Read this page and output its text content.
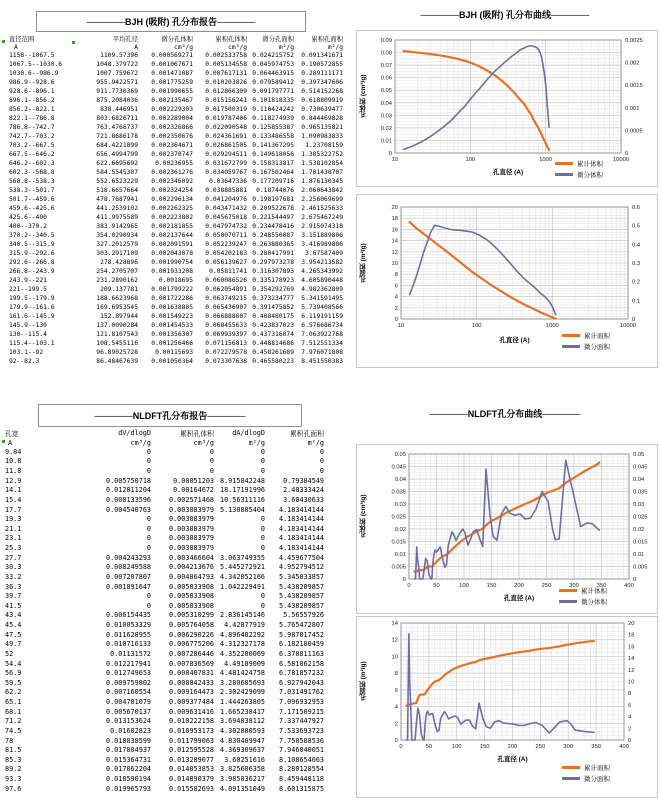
──────BJH (吸附) 孔分布报告──────
直径范围	平均孔径	微分孔体积	累积孔体积	微分孔面积	累积孔面积
A	A	cm³/g	cm³/g	m²/g	m²/g
1158--1067.5	1109.57396	0.000569271	0.002533758	0.024215752	0.091341671
1067.5--1030.6	1048.379722	0.001067671	0.005134558	0.045974753	0.190572855
1030.6--986.9	1007.759672	0.001471087	0.007617131	0.064463915	0.289111171
986.9--928.6	955.9422571	0.001775259	0.010203826	0.079589412	0.397347606
928.6--896.1	911.7730369	0.001990655	0.012866309	0.091797771	0.514152268
896.1--856.2	875.2084036	0.002135467	0.015156241	0.101818335	0.618809919
856.2--822.1	838.446951	0.002229303	0.017500319	0.110424242	0.730639477
822.1--786.8	803.6826711	0.002289004	0.019787406	0.118274939	0.844469828
786.8--742.7	763.4766737	0.002326866	0.022090548	0.125855387	0.965135821
742.7--703.2	721.8686178	0.002350676	0.024361691	0.133486558	1.090983833
703.2--667.5	684.4221099	0.002364671	0.026861505	0.141367295	1.23708159
667.5--646.2	656.4994799	0.002370747	0.029294511	0.149618056	1.385322752
646.2--602.3	622.6695692	0.00236955	0.031672799	0.158313817	1.538102854
602.3--568.8	584.5545307	0.002361276	0.034059767	0.167502464	1.701438707
568.8--538.3	552.6523229	0.002346092	0.03647336	0.177209716	1.876130345
538.3--501.7	518.6657664	0.002324254	0.038885881	0.18744076	2.060643842
501.7--459.6	478.7687941	0.002296134	0.041204976	0.198197681	2.256069699
459.6--425.6	441.2539102	0.002262325	0.043471432	0.209522678	2.461525633
425.6--400	411.9975589	0.002223802	0.045675018	0.221544497	2.675467249
400--370.2	383.9142965	0.002181855	0.047974732	0.234478416	2.915074318
370.2--340.5	354.0290934	0.002137644	0.050070711	0.248550087	3.151889806
340.5--315.9	327.2012579	0.002091591	0.052239247	0.263880365	3.416989806
315.9--292.6	303.2917109	0.002043078	0.054202183	0.280417991	3.67587409
292.6--266.8	278.428896	0.001990754	0.056139627	0.297973278	3.954213582
266.8--243.9	254.2705707	0.001933208	0.05811741	0.316307893	4.265343992
243.9--221	231.2890162	0.0018695	0.060086526	0.335178923	4.605890448
221--199.5	209.137781	0.001799222	0.062054891	0.354292769	4.982362809
199.5--179.9	188.6623968	0.001722286	0.063749215	0.373234777	5.341591495
179.9--161.6	169.6953545	0.001638805	0.065436907	0.391475852	5.739408566
161.6--145.9	152.897944	0.001549223	0.066888607	0.408480175	6.119191159
145.9--130	137.0090284	0.001454533	0.068455633	0.423837023	6.576686734
130--115.4	121.8107543	0.001356307	0.069939397	0.437316074	7.063922768
115.4--103.1	108.5455116	0.001256466	0.071156813	0.448814686	7.512551334
103.1--92	96.89025728	0.00115693	0.072279578	0.458261689	7.976071808
92--82.3	86.48467639	0.001050364	0.073307638	0.465580223	8.451550383
──────BJH (吸附) 孔分布曲线──────
0
0.01
0.02
0.03
0.04
0.05
0.06
0.07
0.08
0.09
0
0.0005
0.001
0.0015
0.002
0.0025
10	100	1000	10000
孔体积 (cm³/g)
孔直径 (A)
累计体积
微分体积
0
2
4
6
8
10
12
14
16
18
20
0
0.1
0.2
0.3
0.4
0.5
0.6
10	100	1000	10000
孔面积 (m²/g)
孔直径 (A)
累计面积
微分面积
──────NLDFT孔分布报告──────
孔宽	dV/dlogD	累积孔体积	dA/dlogD	累积孔面积
A	cm³/g	cm³/g	m²/g	m²/g
9.84	0	0	0	0
10.8	0	0	0	0
11.8	0	0	0	0
12.9	0.005750718	0.00051203	8.915842248	0.79384549
14.1	0.012811204	0.00164672	18.17191996	2.40333424
15.4	0.008133596	0.002571468	10.56311116	3.60430633
17.7	0.004540763	0.003083979	5.130805404	4.183414144
19.3	0	0.003083979	0	4.183414144
21.1	0	0.003083979	0	4.183414144
23.1	0	0.003083979	0	4.183414144
25.3	0	0.003083979	0	4.183414144
27.7	0.004243293	0.003466604	3.063749355	4.459677504
30.3	0.008249588	0.004213676	5.445272921	4.952794512
33.2	0.007207807	0.004864793	4.342052166	5.345033857
36.3	0.001891647	0.005033908	1.042229491	5.438209857
39.7	0	0.005033908	0	5.438209857
41.5	0	0.005033908	0	5.438209857
43.4	0.006154435	0.005310299	2.836145146	5.56557926
45.4	0.010053329	0.005764058	4.42877919	5.765472807
47.5	0.011628955	0.006290226	4.896402292	5.987017452
49.7	0.010716133	0.006775206	4.312327178	6.182180459
52	0.01131572	0.007286446	4.352200069	6.378811163
54.4	0.012217941	0.007836569	4.49189009	6.581062158
56.9	0.012749653	0.008407831	4.481424758	6.781857232
59.5	0.009759802	0.008842433	3.280605693	6.927942043
62.2	0.007160554	0.009164473	2.302429099	7.031491762
65.1	0.004701079	0.009377484	1.444263805	7.096932953
68.1	0.005670137	0.009631416	1.665238417	7.171509215
71.2	0.013153624	0.010222158	3.694838112	7.337447927
74.5	0.01602823	0.010953173	4.302880593	7.533693723
78	0.018838599	0.011799063	4.830409947	7.750588536
81.5	0.017804937	0.012595528	4.369309637	7.946040051
85.3	0.015364731	0.013289077	3.60251616	8.108654063
89.2	0.017062204	0.014053853	3.825606358	8.280128554
93.3	0.018590194	0.014890379	3.985036217	8.459448118
97.6	0.019965793	0.015582693	4.091351049	8.601315875
──────NLDFT孔分布曲线──────
0
0.005
0.01
0.015
0.02
0.025
0.03
0.035
0.04
0.045
0.05
0
0.005
0.01
0.015
0.02
0.025
0.03
0.035
0.04
0.045
0.05
0	50	100	150	200	250	300	350	400
孔体积 (cm³/g)
孔直径 (A)
累计体积
微分体积
0
2
4
6
8
10
12
14
0
2
4
6
8
10
12
14
16
18
20
0	50	100	150	200	250	300	350	400
孔面积 (m²/g)
孔直径 (A)
累计面积
微分面积
